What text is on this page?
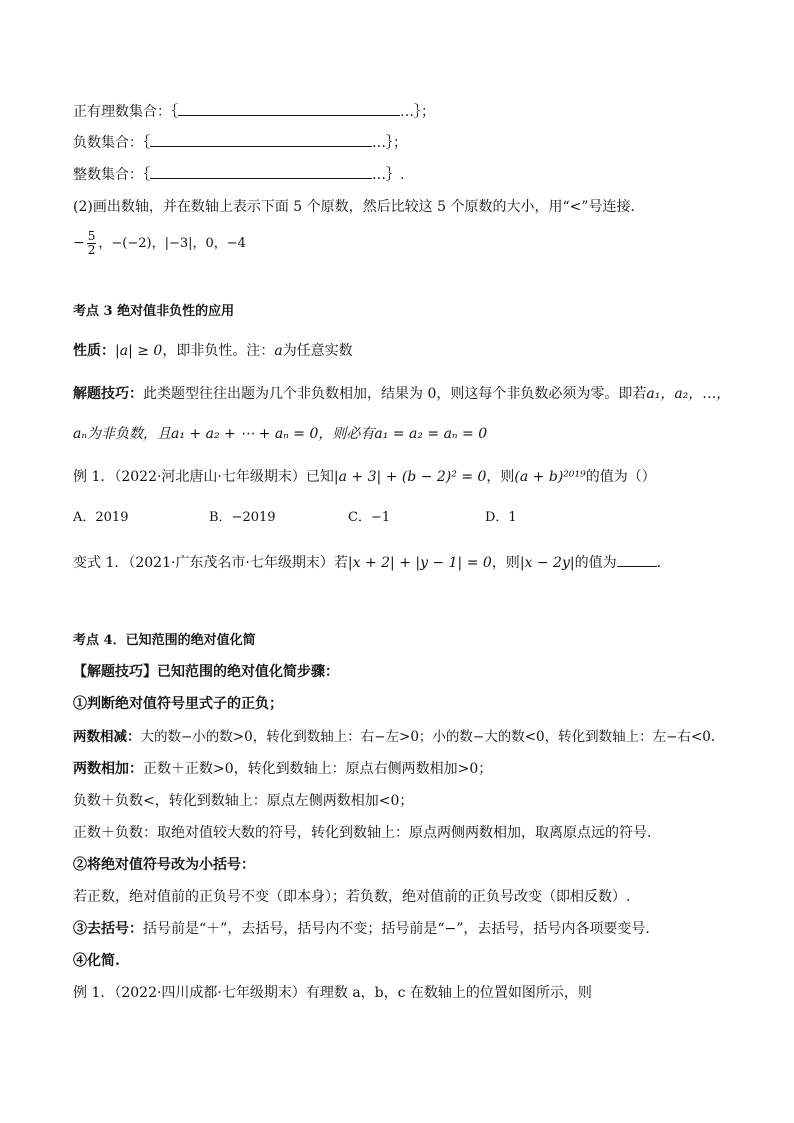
正有理数集合：｛	…｝；
负数集合：｛	…｝；
整数集合：｛	…｝.
(2)画出数轴，并在数轴上表示下面 5 个原数，然后比较这 5 个原数的大小，用“<”号连接．
− $\frac{5}{2}$ ，−(−2)，|−3|，0，−4
考点 3 绝对值非负性的应用
性质：|a| ≥ 0，即非负性。注：a为任意实数
解题技巧：此类题型往往出题为几个非负数相加，结果为 0，则这每个非负数必须为零。即若a₁，a₂，…，
aₙ为非负数，且a₁ + a₂ + ⋯ + aₙ = 0，则必有a₁ = a₂ = aₙ = 0
例 1．（2022·河北唐山·七年级期末）已知|a + 3| + (b − 2)² = 0，则(a + b)²⁰¹⁹的值为（）
A．2019	B．−2019	C．−1	D．1
变式 1．（2021·广东茂名市·七年级期末）若|x + 2| + |y − 1| = 0，则|x − 2y|的值为	．
考点 4．已知范围的绝对值化简
【解题技巧】已知范围的绝对值化简步骤：
①判断绝对值符号里式子的正负；
两数相减：大的数−小的数>0，转化到数轴上：右−左>0；小的数−大的数<0，转化到数轴上：左−右<0.
两数相加：正数＋正数>0，转化到数轴上：原点右侧两数相加>0；
负数＋负数<，转化到数轴上：原点左侧两数相加<0；
正数＋负数：取绝对值较大数的符号，转化到数轴上：原点两侧两数相加，取离原点远的符号.
②将绝对值符号改为小括号：
若正数，绝对值前的正负号不变（即本身）；若负数，绝对值前的正负号改变（即相反数）.
③去括号：括号前是“＋”，去括号，括号内不变；括号前是“−”，去括号，括号内各项要变号.
④化简.
例 1．（2022·四川成都·七年级期末）有理数 a，b，c 在数轴上的位置如图所示，则
